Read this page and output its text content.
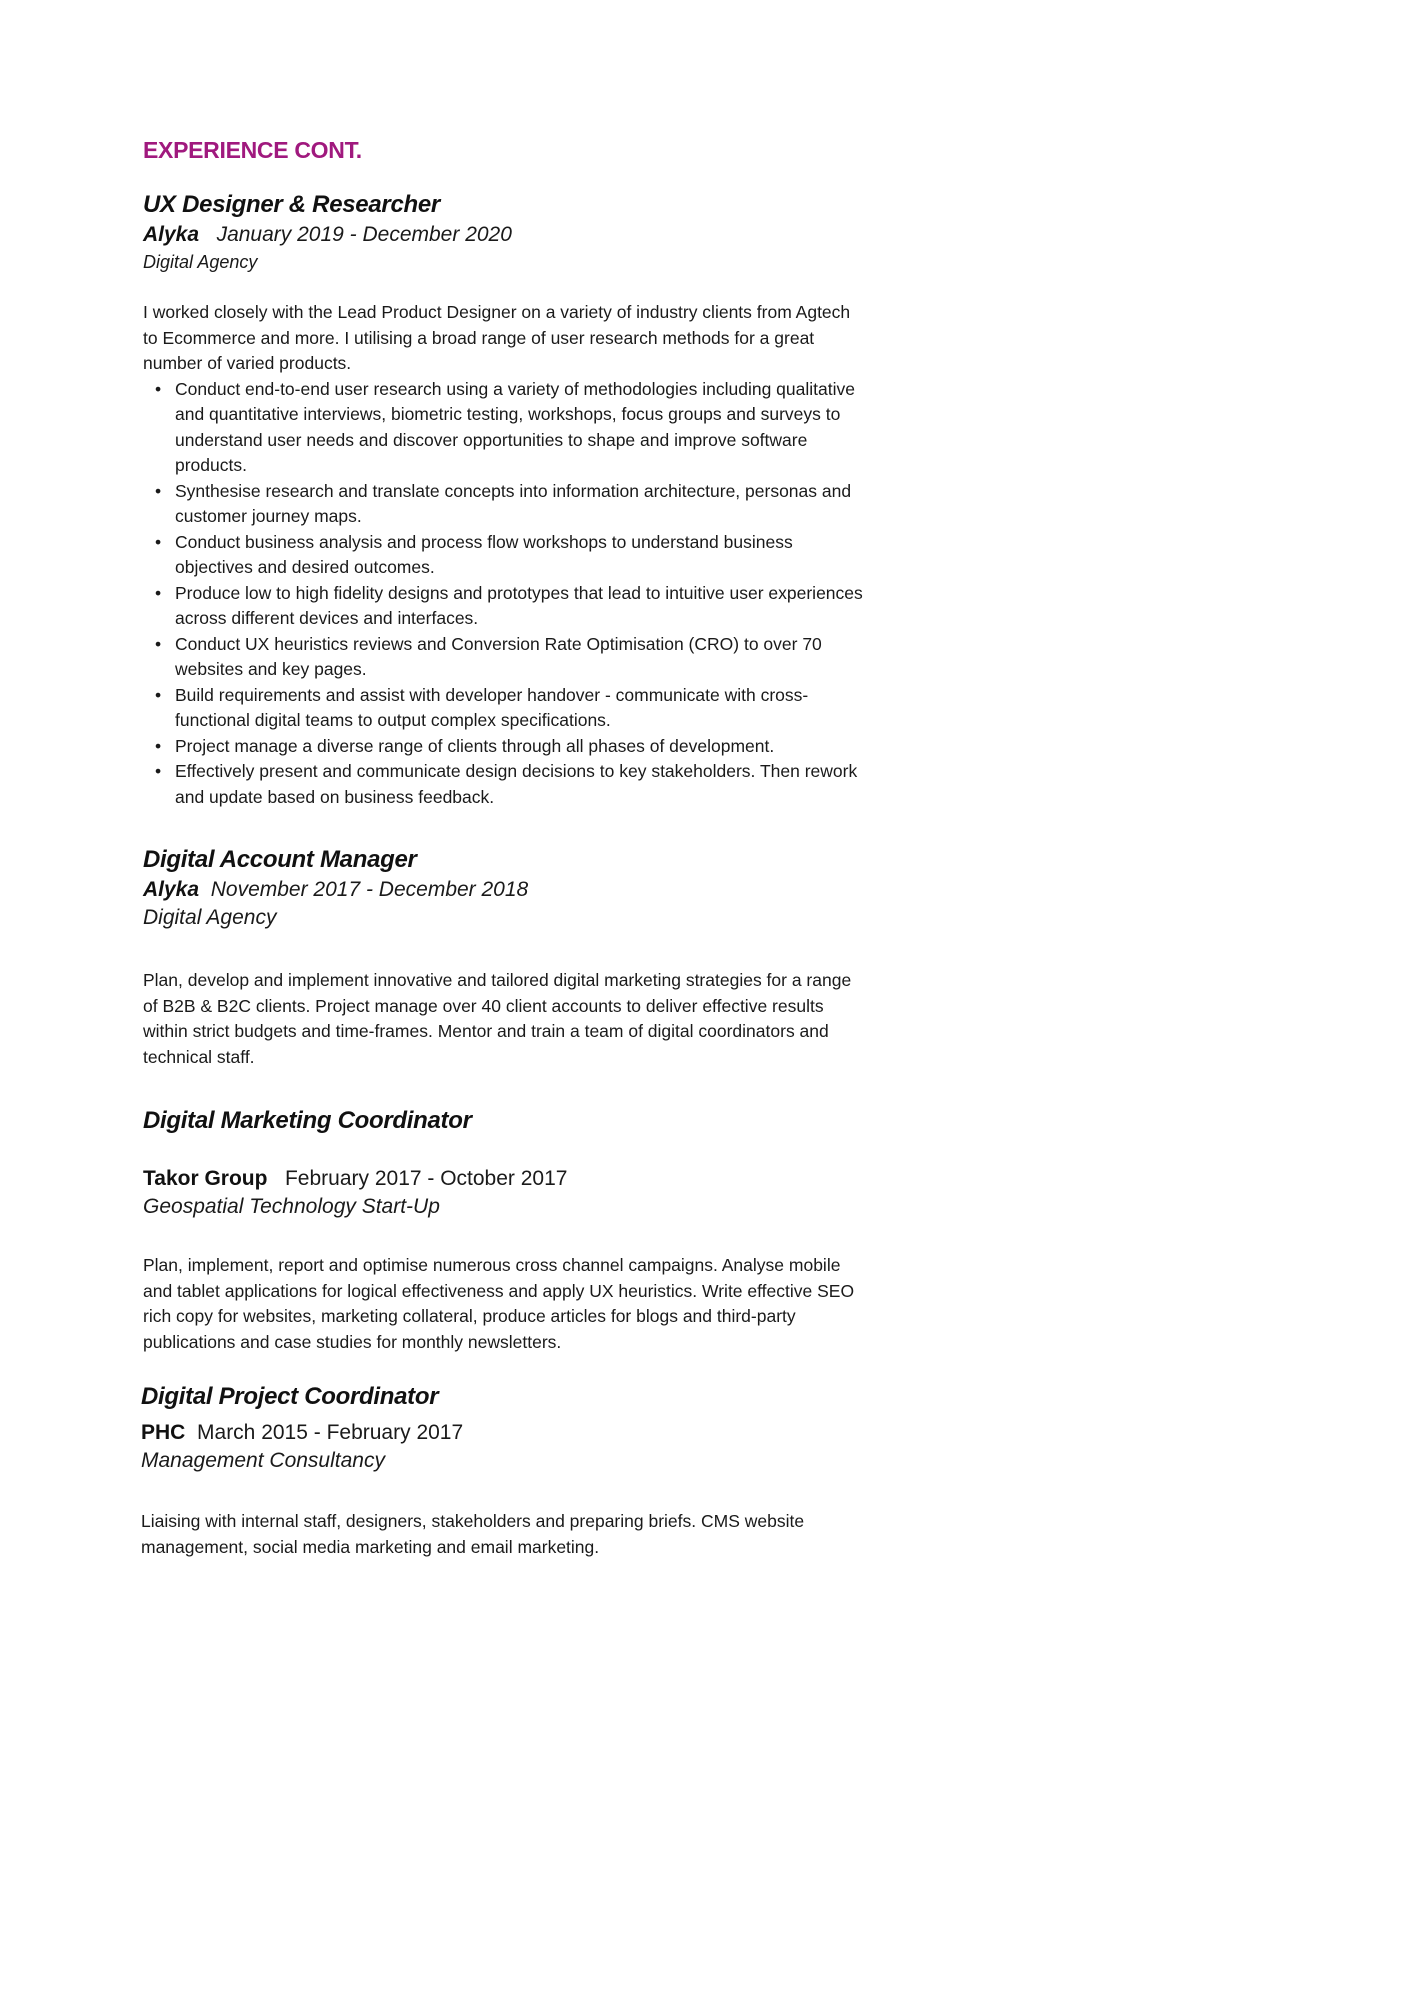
EXPERIENCE CONT.

UX Designer & Researcher

Alyka January 2019 - December 2020

Digital Agency

I worked closely with the Lead Product Designer on a variety of industry clients from Agtech to Ecommerce and more. I utilising a broad range of user research methods for a great number of varied products.

• Conduct end-to-end user research using a variety of methodologies including qualitative and quantitative interviews, biometric testing, workshops, focus groups and surveys to understand user needs and discover opportunities to shape and improve software products.
• Synthesise research and translate concepts into information architecture, personas and customer journey maps.
• Conduct business analysis and process flow workshops to understand business objectives and desired outcomes.
• Produce low to high fidelity designs and prototypes that lead to intuitive user experiences across different devices and interfaces.
• Conduct UX heuristics reviews and Conversion Rate Optimisation (CRO) to over 70 websites and key pages.
• Build requirements and assist with developer handover - communicate with cross-functional digital teams to output complex specifications.
• Project manage a diverse range of clients through all phases of development.
• Effectively present and communicate design decisions to key stakeholders. Then rework and update based on business feedback.

Digital Account Manager

Alyka November 2017 - December 2018

Digital Agency

Plan, develop and implement innovative and tailored digital marketing strategies for a range of B2B & B2C clients. Project manage over 40 client accounts to deliver effective results within strict budgets and time-frames. Mentor and train a team of digital coordinators and technical staff.

Digital Marketing Coordinator

Takor Group February 2017 - October 2017

Geospatial Technology Start-Up

Plan, implement, report and optimise numerous cross channel campaigns. Analyse mobile and tablet applications for logical effectiveness and apply UX heuristics. Write effective SEO rich copy for websites, marketing collateral, produce articles for blogs and third-party publications and case studies for monthly newsletters.

Digital Project Coordinator

PHC March 2015 - February 2017

Management Consultancy

Liaising with internal staff, designers, stakeholders and preparing briefs. CMS website management, social media marketing and email marketing.
